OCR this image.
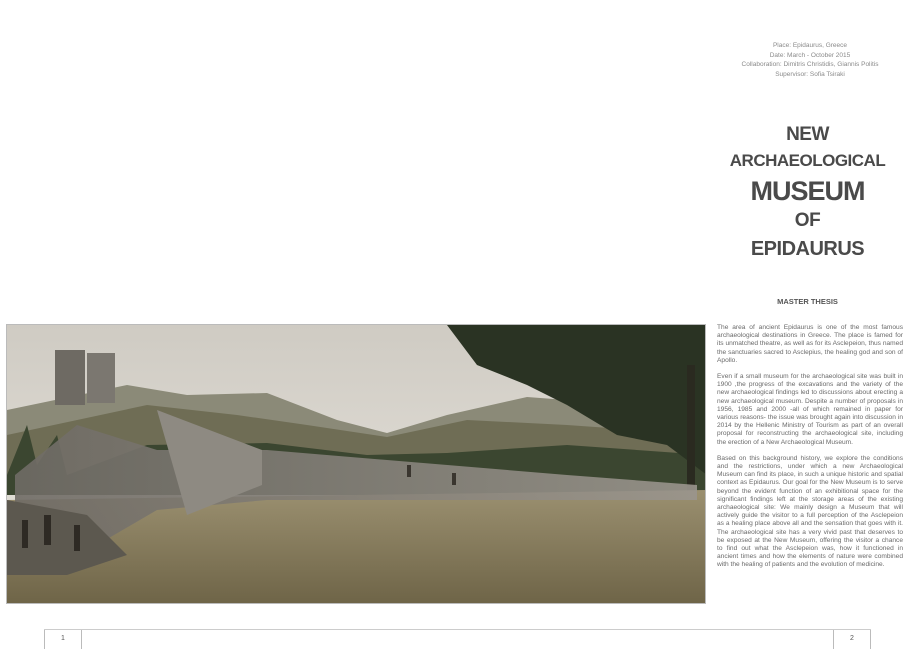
Place: Epidaurus, Greece
Date: March - October 2015
Collaboration: Dimitris Christidis, Giannis Politis
Supervisor: Sofia Tsiraki
NEW
ARCHAEOLOGICAL
MUSEUM
OF
EPIDAURUS
MASTER THESIS

The area of ancient Epidaurus is one of the most famous archaeological destinations in Greece. The place is famed for its unmatched theatre, as well as for its Asclepeion, thus named the sanctuaries sacred to Asclepius, the healing god and son of Apollo.

Even if a small museum for the archaeological site was built in 1900 ,the progress of the excavations and the variety of the new archaeological findings led to discussions about erecting a new archaeological museum. Despite a number of proposals in 1956, 1985 and 2000 -all of which remained in paper for various reasons- the issue was brought again into discussion in 2014 by the Hellenic Ministry of Tourism as part of an overall proposal for reconstructing the archaeological site, including the erection of a New Archaeological Museum.

Based on this background history, we explore the conditions and the restrictions, under which a new Archaeological Museum can find its place, in such a unique historic and spatial context as Epidaurus. Our goal for the New Museum is to serve beyond the evident function of an exhibitional space for the significant findings left at the storage areas of the existing archaeological site: We mainly design a Museum that will actively guide the visitor to a full perception of the Asclepeion as a healing place above all and the sensation that goes with it. The archaeological site has a very vivid past that deserves to be exposed at the New Museum, offering the visitor a chance to find out what the Asclepeion was, how it functioned in ancient times and how the elements of nature were combined with the healing of patients and the evolution of medicine.

1	2
